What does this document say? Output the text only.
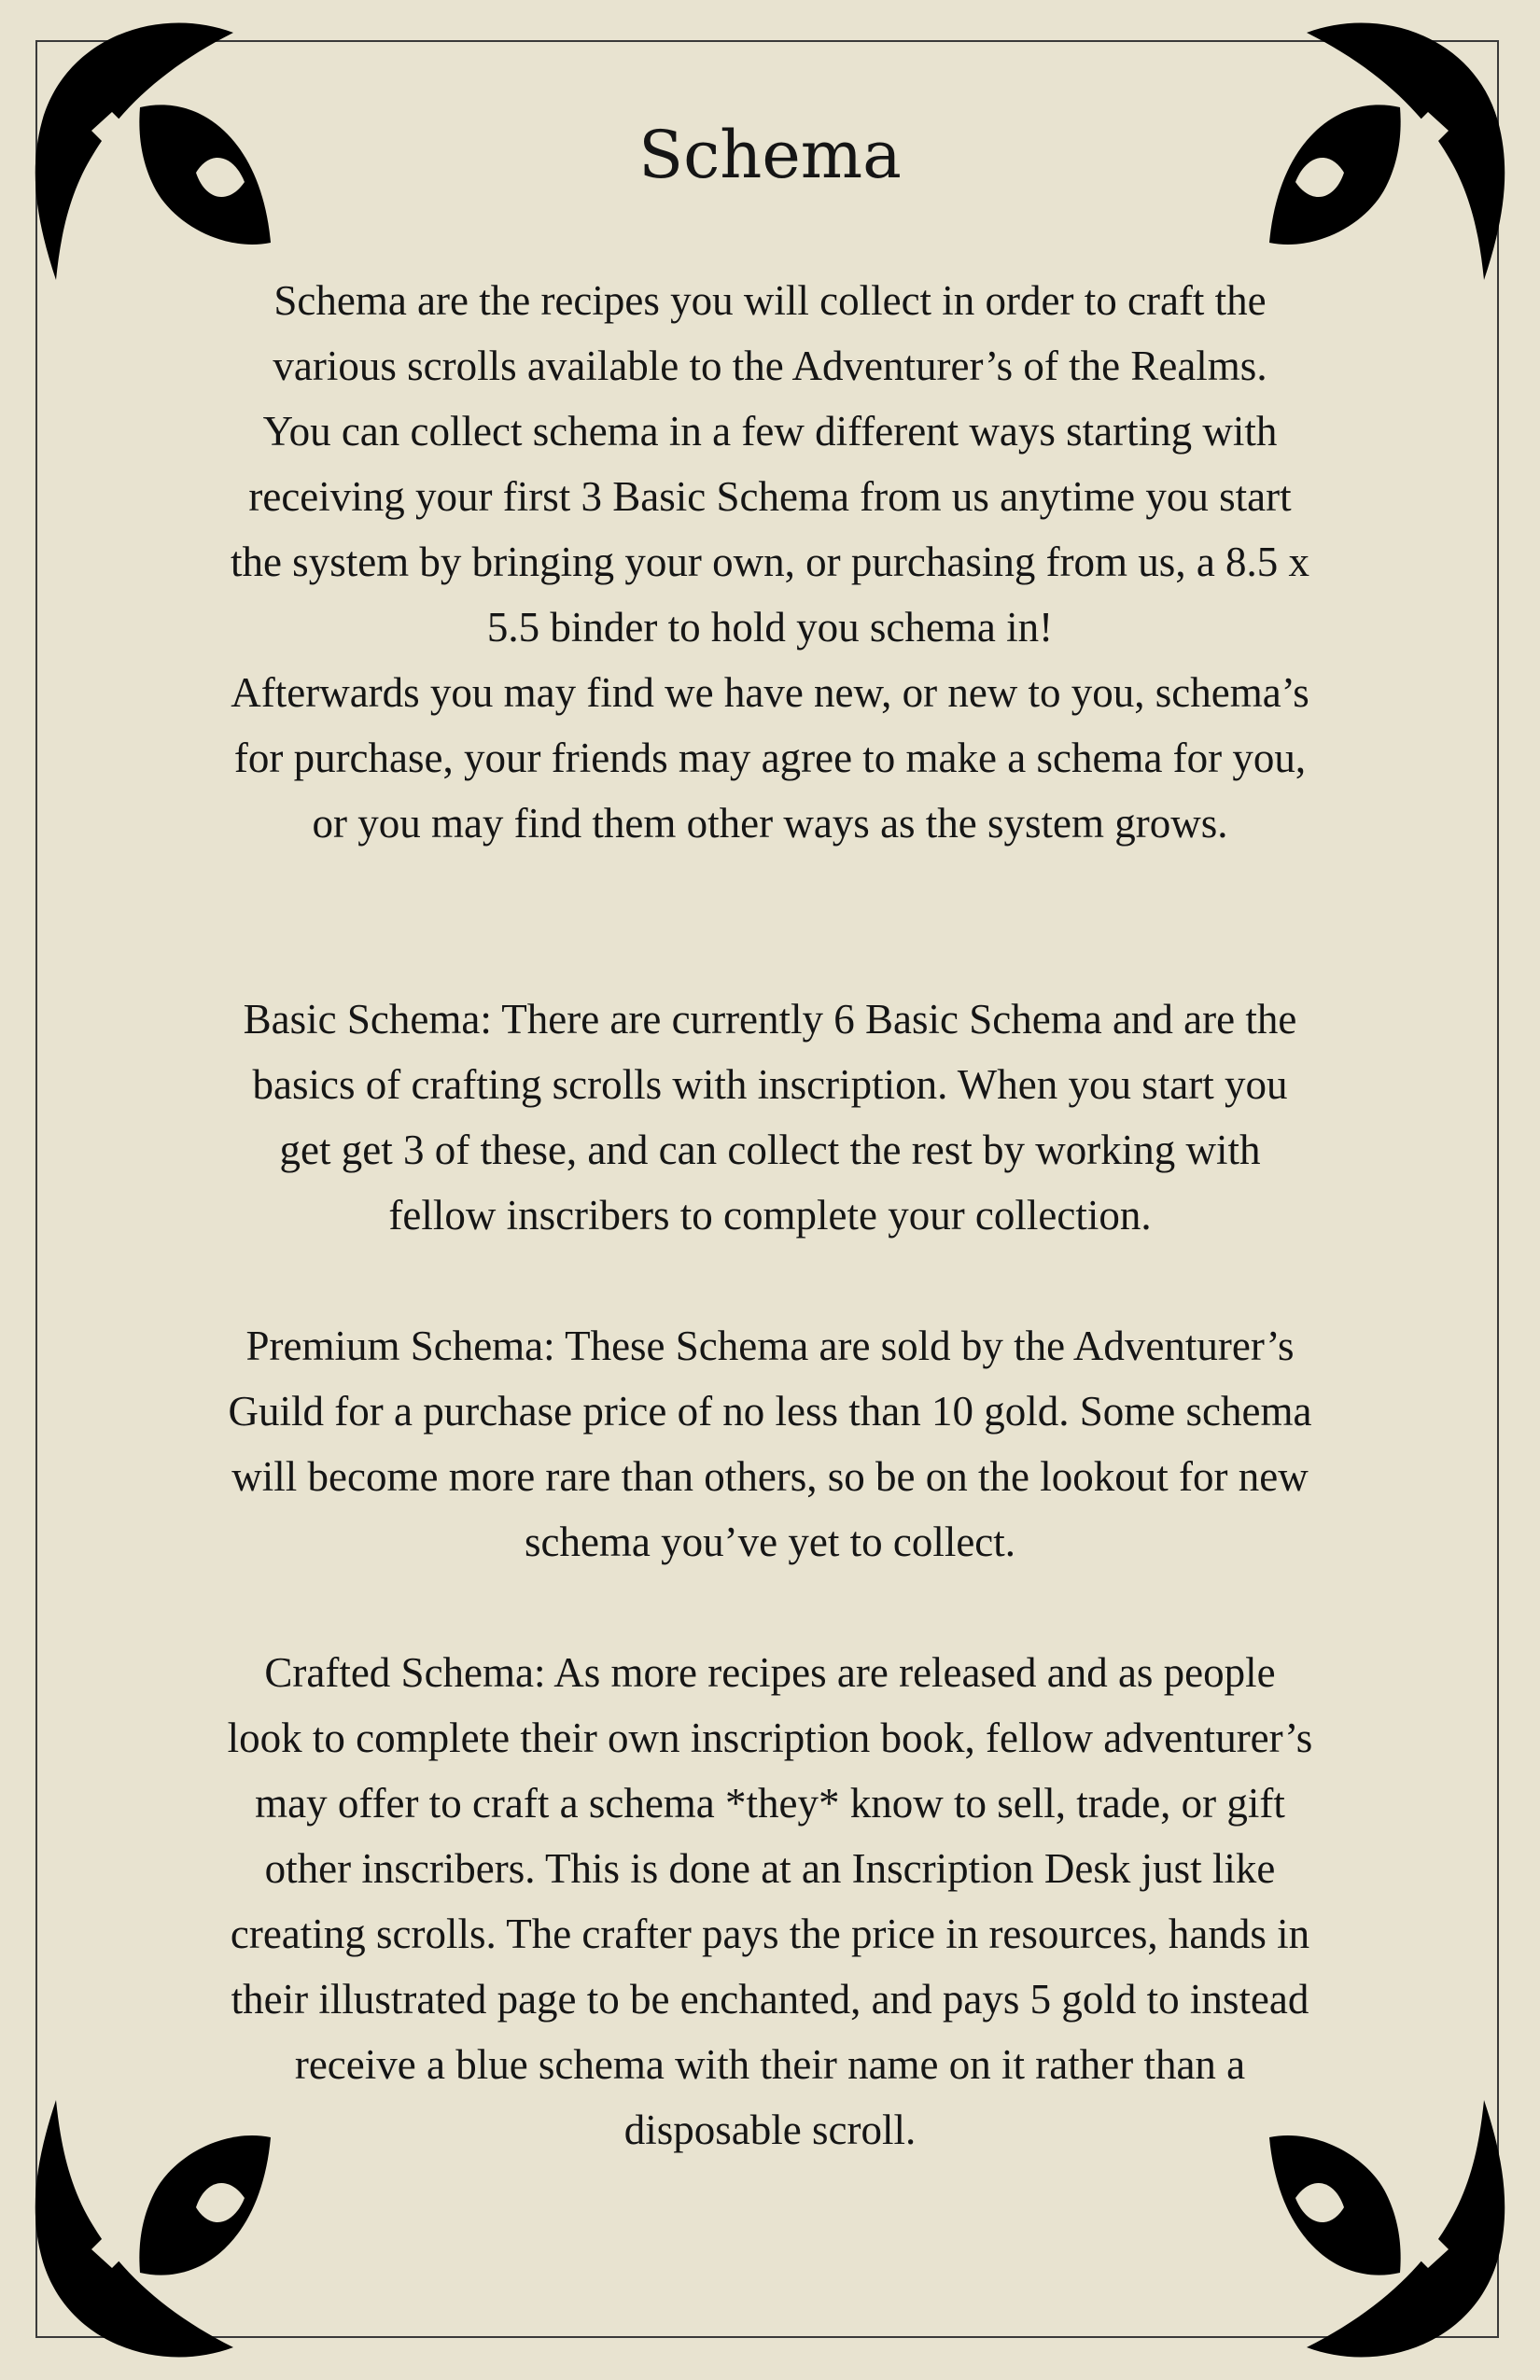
Schema

Schema are the recipes you will collect in order to craft the various scrolls available to the Adventurer’s of the Realms.

You can collect schema in a few different ways starting with receiving your first 3 Basic Schema from us anytime you start the system by bringing your own, or purchasing from us, a 8.5 x 5.5 binder to hold you schema in!

Afterwards you may find we have new, or new to you, schema’s for purchase, your friends may agree to make a schema for you, or you may find them other ways as the system grows.

Basic Schema: There are currently 6 Basic Schema and are the basics of crafting scrolls with inscription. When you start you get get 3 of these, and can collect the rest by working with fellow inscribers to complete your collection.

Premium Schema: These Schema are sold by the Adventurer’s Guild for a purchase price of no less than 10 gold. Some schema will become more rare than others, so be on the lookout for new schema you’ve yet to collect.

Crafted Schema: As more recipes are released and as people look to complete their own inscription book, fellow adventurer’s may offer to craft a schema *they* know to sell, trade, or gift other inscribers. This is done at an Inscription Desk just like creating scrolls. The crafter pays the price in resources, hands in their illustrated page to be enchanted, and pays 5 gold to instead receive a blue schema with their name on it rather than a disposable scroll.
